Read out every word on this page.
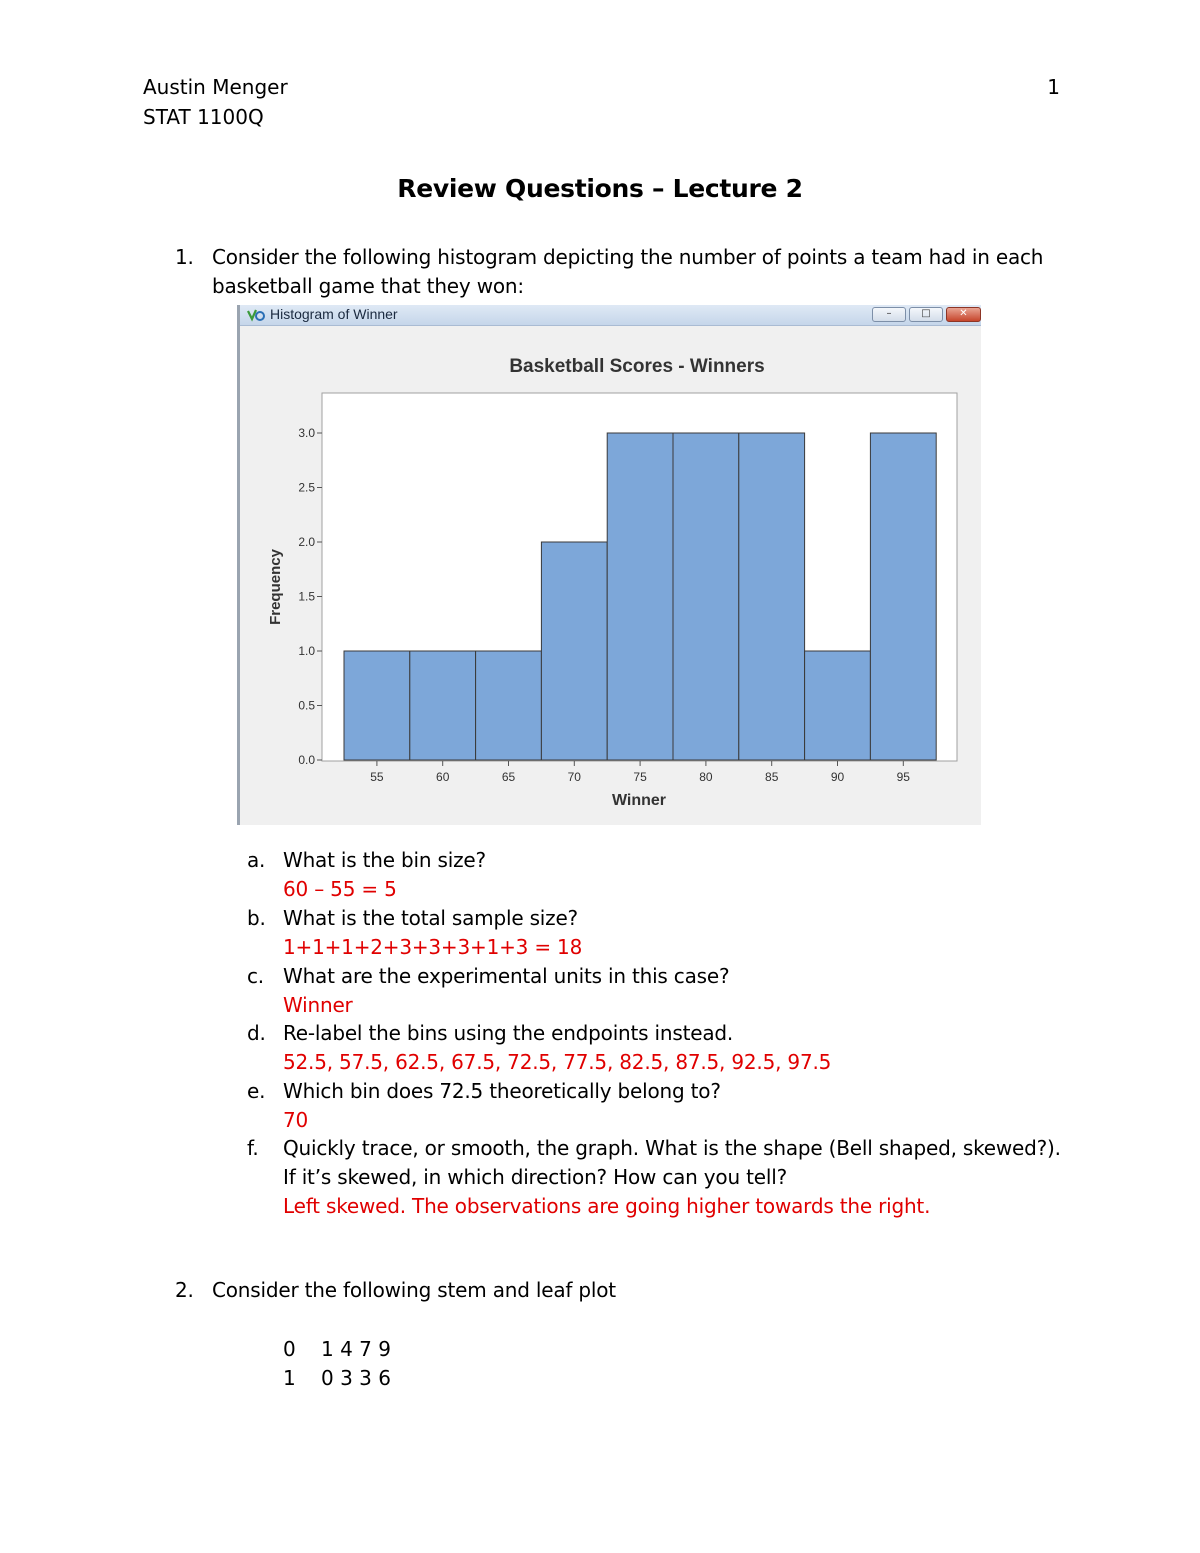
Austin Menger
STAT 1100Q
1
Review Questions – Lecture 2
1. Consider the following histogram depicting the number of points a team had in each basketball game that they won:
Histogram of Winner	–	□	✕
Basketball Scores - Winners
0.0
0.5
1.0
1.5
2.0
2.5
3.0
55	60	65	70	75	80	85	90	95
Winner
Frequency
a. What is the bin size?
60 – 55 = 5
b. What is the total sample size?
1+1+1+2+3+3+3+1+3 = 18
c. What are the experimental units in this case?
Winner
d. Re-label the bins using the endpoints instead.
52.5, 57.5, 62.5, 67.5, 72.5, 77.5, 82.5, 87.5, 92.5, 97.5
e. Which bin does 72.5 theoretically belong to?
70
f. Quickly trace, or smooth, the graph. What is the shape (Bell shaped, skewed?). If it’s skewed, in which direction? How can you tell?
Left skewed. The observations are going higher towards the right.
2. Consider the following stem and leaf plot
0 1 4 7 9
1 0 3 3 6
